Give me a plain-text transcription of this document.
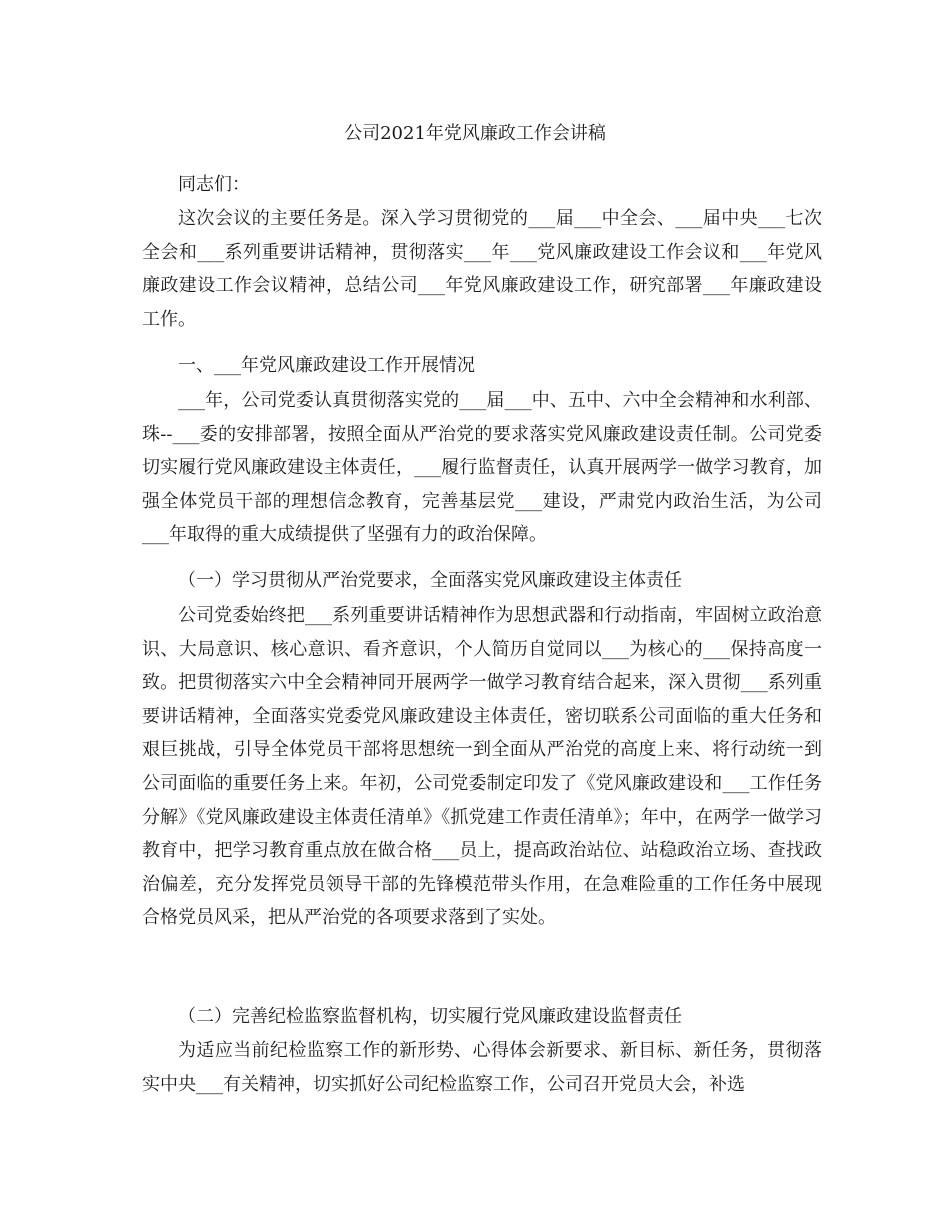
公司2021年党风廉政工作会讲稿

同志们：

这次会议的主要任务是。深入学习贯彻党的___届___中全会、___届中央___七次全会和___系列重要讲话精神，贯彻落实___年___党风廉政建设工作会议和___年党风廉政建设工作会议精神，总结公司___年党风廉政建设工作，研究部署___年廉政建设工作。

一、___年党风廉政建设工作开展情况

___年，公司党委认真贯彻落实党的___届___中、五中、六中全会精神和水利部、珠--___委的安排部署，按照全面从严治党的要求落实党风廉政建设责任制。公司党委切实履行党风廉政建设主体责任，___履行监督责任，认真开展两学一做学习教育，加强全体党员干部的理想信念教育，完善基层党___建设，严肃党内政治生活，为公司___年取得的重大成绩提供了坚强有力的政治保障。

（一）学习贯彻从严治党要求，全面落实党风廉政建设主体责任

公司党委始终把___系列重要讲话精神作为思想武器和行动指南，牢固树立政治意识、大局意识、核心意识、看齐意识，个人简历自觉同以___为核心的___保持高度一致。把贯彻落实六中全会精神同开展两学一做学习教育结合起来，深入贯彻___系列重要讲话精神，全面落实党委党风廉政建设主体责任，密切联系公司面临的重大任务和艰巨挑战，引导全体党员干部将思想统一到全面从严治党的高度上来、将行动统一到公司面临的重要任务上来。年初，公司党委制定印发了《党风廉政建设和___工作任务分解》《党风廉政建设主体责任清单》《抓党建工作责任清单》；年中，在两学一做学习教育中，把学习教育重点放在做合格___员上，提高政治站位、站稳政治立场、查找政治偏差，充分发挥党员领导干部的先锋模范带头作用，在急难险重的工作任务中展现合格党员风采，把从严治党的各项要求落到了实处。

（二）完善纪检监察监督机构，切实履行党风廉政建设监督责任

为适应当前纪检监察工作的新形势、心得体会新要求、新目标、新任务，贯彻落实中央___有关精神，切实抓好公司纪检监察工作，公司召开党员大会，补选
